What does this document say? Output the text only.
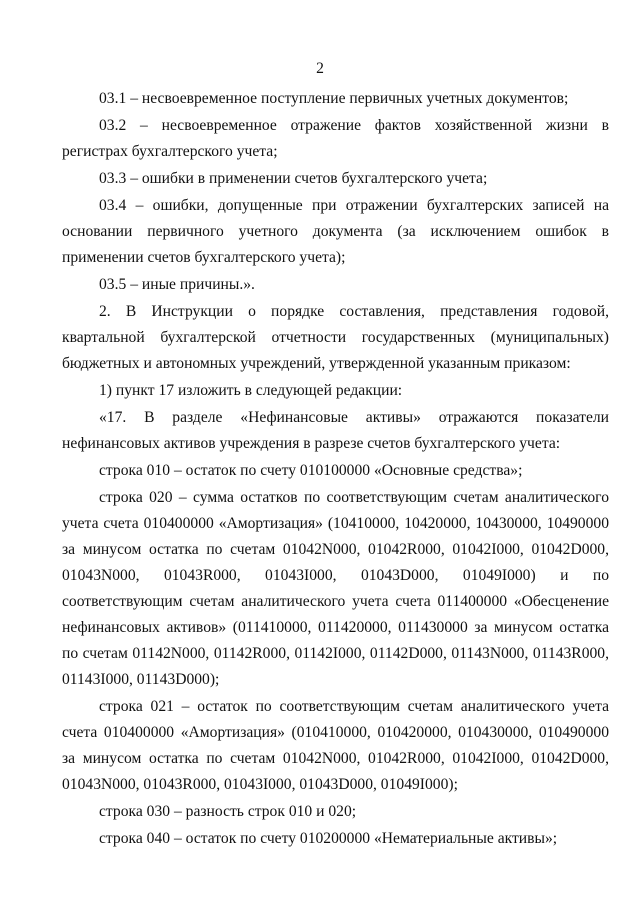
2

03.1 – несвоевременное поступление первичных учетных документов;

03.2 – несвоевременное отражение фактов хозяйственной жизни в регистрах бухгалтерского учета;

03.3 – ошибки в применении счетов бухгалтерского учета;

03.4 – ошибки, допущенные при отражении бухгалтерских записей на основании первичного учетного документа (за исключением ошибок в применении счетов бухгалтерского учета);

03.5 – иные причины.».

2. В Инструкции о порядке составления, представления годовой, квартальной бухгалтерской отчетности государственных (муниципальных) бюджетных и автономных учреждений, утвержденной указанным приказом:

1) пункт 17 изложить в следующей редакции:

«17. В разделе «Нефинансовые активы» отражаются показатели нефинансовых активов учреждения в разрезе счетов бухгалтерского учета:

строка 010 – остаток по счету 010100000 «Основные средства»;

строка 020 – сумма остатков по соответствующим счетам аналитического учета счета 010400000 «Амортизация» (10410000, 10420000, 10430000, 10490000 за минусом остатка по счетам 01042N000, 01042R000, 01042I000, 01042D000, 01043N000, 01043R000, 01043I000, 01043D000, 01049I000) и по соответствующим счетам аналитического учета счета 011400000 «Обесценение нефинансовых активов» (011410000, 011420000, 011430000 за минусом остатка по счетам 01142N000, 01142R000, 01142I000, 01142D000, 01143N000, 01143R000, 01143I000, 01143D000);

строка 021 – остаток по соответствующим счетам аналитического учета счета 010400000 «Амортизация» (010410000, 010420000, 010430000, 010490000 за минусом остатка по счетам 01042N000, 01042R000, 01042I000, 01042D000, 01043N000, 01043R000, 01043I000, 01043D000, 01049I000);

строка 030 – разность строк 010 и 020;

строка 040 – остаток по счету 010200000 «Нематериальные активы»;
